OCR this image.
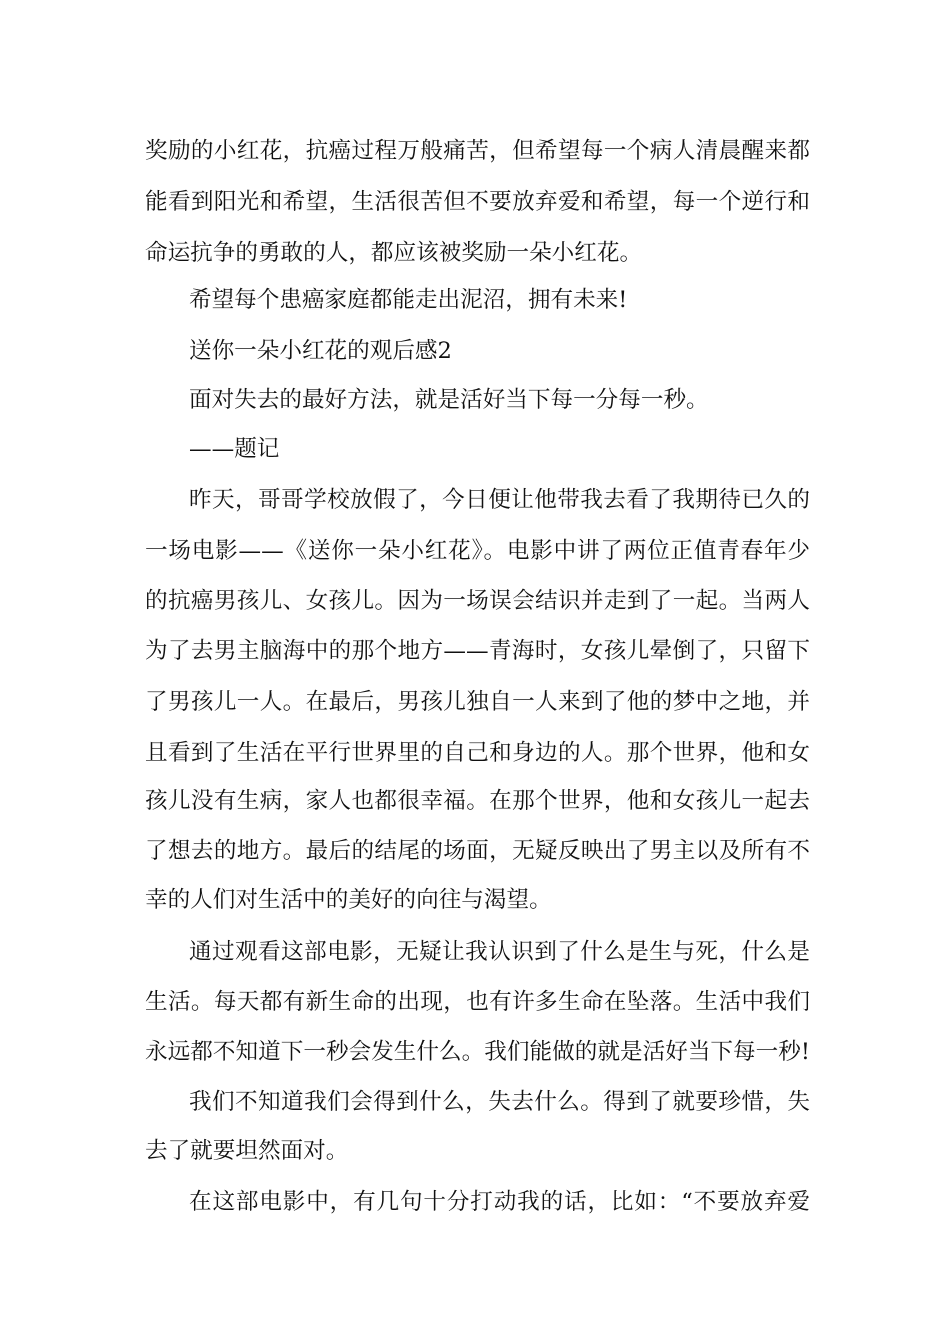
奖励的小红花，抗癌过程万般痛苦，但希望每一个病人清晨醒来都
能看到阳光和希望，生活很苦但不要放弃爱和希望，每一个逆行和
命运抗争的勇敢的人，都应该被奖励一朵小红花。
希望每个患癌家庭都能走出泥沼，拥有未来!
送你一朵小红花的观后感2
面对失去的最好方法，就是活好当下每一分每一秒。
——题记
昨天，哥哥学校放假了，今日便让他带我去看了我期待已久的
一场电影——《送你一朵小红花》。电影中讲了两位正值青春年少
的抗癌男孩儿、女孩儿。因为一场误会结识并走到了一起。当两人
为了去男主脑海中的那个地方——青海时，女孩儿晕倒了，只留下
了男孩儿一人。在最后，男孩儿独自一人来到了他的梦中之地，并
且看到了生活在平行世界里的自己和身边的人。那个世界，他和女
孩儿没有生病，家人也都很幸福。在那个世界，他和女孩儿一起去
了想去的地方。最后的结尾的场面，无疑反映出了男主以及所有不
幸的人们对生活中的美好的向往与渴望。
通过观看这部电影，无疑让我认识到了什么是生与死，什么是
生活。每天都有新生命的出现，也有许多生命在坠落。生活中我们
永远都不知道下一秒会发生什么。我们能做的就是活好当下每一秒!
我们不知道我们会得到什么，失去什么。得到了就要珍惜，失
去了就要坦然面对。
在这部电影中，有几句十分打动我的话，比如：“不要放弃爱
